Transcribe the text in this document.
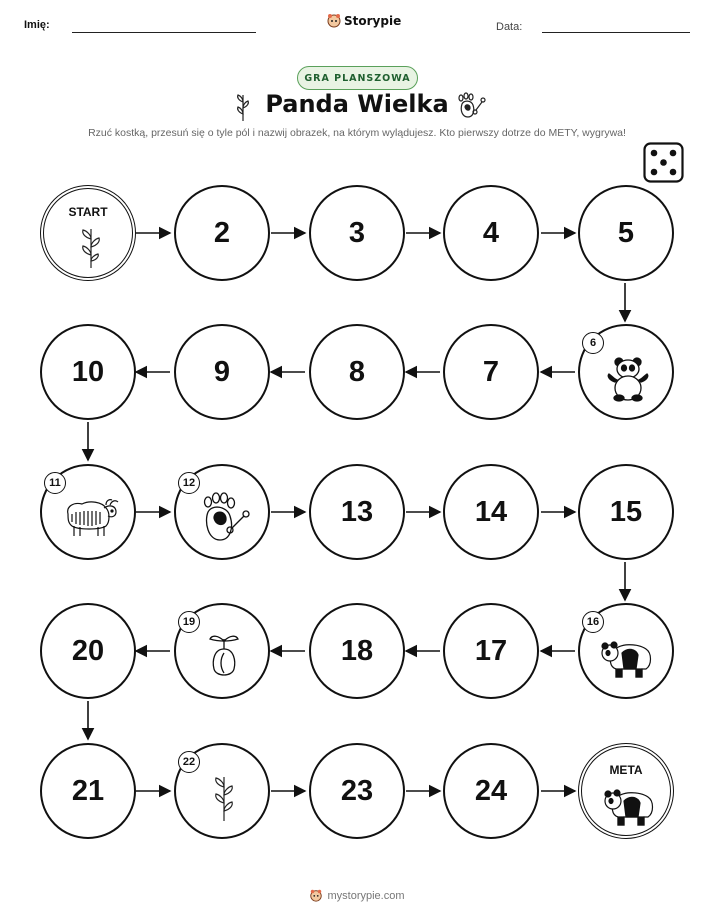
Imię:	Storypie	Data:
GRA PLANSZOWA
Panda Wielka
Rzuć kostką, przesuń się o tyle pól i nazwij obrazek, na którym wylądujesz. Kto pierwszy dotrze do METY, wygrywa!
START
2	3	4	5
6
7
8
9
10
11	12
13	14	15
16
17
18
19
20
21
22
23	24
META
mystorypie.com
